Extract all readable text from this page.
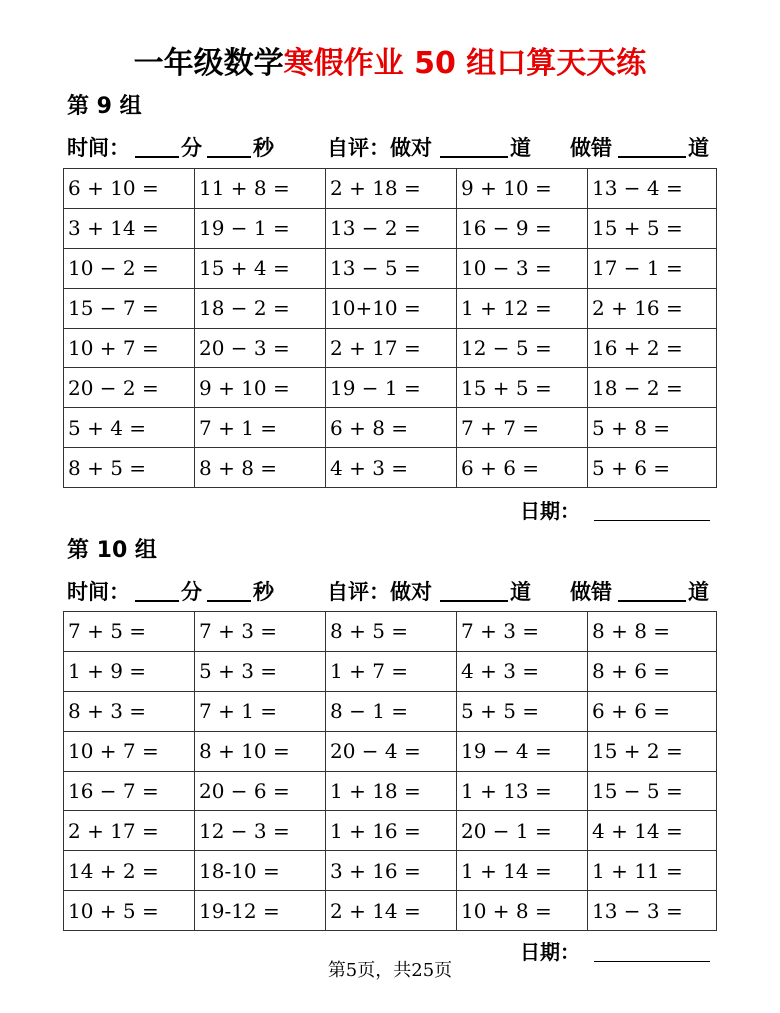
一年级数学寒假作业 50 组口算天天练
第 9 组
时间： 分 秒	自评：做对	道 做错	道
6 + 10 =	11 + 8 =	2 + 18 =	9 + 10 =	13 − 4 =
3 + 14 =	19 − 1 =	13 − 2 =	16 − 9 =	15 + 5 =
10 − 2 =	15 + 4 =	13 − 5 =	10 − 3 =	17 − 1 =
15 − 7 =	18 − 2 =	10+10 =	1 + 12 =	2 + 16 =
10 + 7 =	20 − 3 =	2 + 17 =	12 − 5 =	16 + 2 =
20 − 2 =	9 + 10 =	19 − 1 =	15 + 5 =	18 − 2 =
5 + 4 =	7 + 1 =	6 + 8 =	7 + 7 =	5 + 8 =
8 + 5 =	8 + 8 =	4 + 3 =	6 + 6 =	5 + 6 =
日期：
第 10 组
时间： 分 秒	自评：做对	道 做错	道
7 + 5 =	7 + 3 =	8 + 5 =	7 + 3 =	8 + 8 =
1 + 9 =	5 + 3 =	1 + 7 =	4 + 3 =	8 + 6 =
8 + 3 =	7 + 1 =	8 − 1 =	5 + 5 =	6 + 6 =
10 + 7 =	8 + 10 =	20 − 4 =	19 − 4 =	15 + 2 =
16 − 7 =	20 − 6 =	1 + 18 =	1 + 13 =	15 − 5 =
2 + 17 =	12 − 3 =	1 + 16 =	20 − 1 =	4 + 14 =
14 + 2 =	18-10 =	3 + 16 =	1 + 14 =	1 + 11 =
10 + 5 =	19-12 =	2 + 14 =	10 + 8 =	13 − 3 =
日期：
第5页，共25页
